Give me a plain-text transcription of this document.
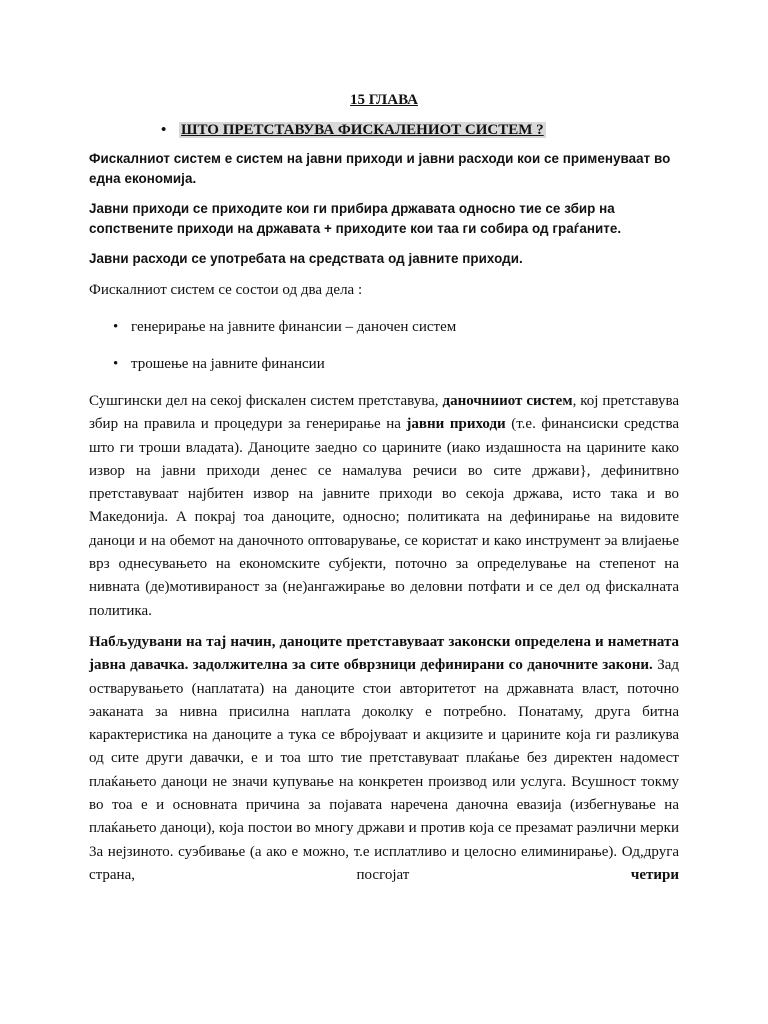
15 ГЛАВА

• ШТО ПРЕТСТАВУВА ФИСКАЛЕНИОТ СИСТЕМ ?

Фискалниот систем е систем на јавни приходи и јавни расходи кои се применуваат во една економија.

Јавни приходи се приходите кои ги прибира државата односно тие се збир на сопствените приходи на државата + приходите кои таа ги собира од граѓаните.

Јавни расходи се употребата на средствата од јавните приходи.

Фискалниот систем се состои од два дела :

• генерирање на јавните финансии – даночен систем
• трошење на јавните финансии

Сушгински дел на секој фискален систем претставува, даночнииот систем, кој претставува збир на правила и процедури за генерирање на јавни приходи (т.е. финансиски средства што ги троши владата). Даноците заедно со царините (иако издашноста на царините како извор на јавни приходи денес се намалува речиси во сите држави}, дефинитвно претставуваат најбитен извор на јавните приходи во секоја држава, исто така и во Македонија. А покрај тоа даноците, односно; политиката на дефинирање на видовите даноци и на обемот на даночното оптоварување, се користат и како инструмент эа влијаење врз однесувањето на економските субјекти, поточно за определување на степенот на нивната (де)мотивираност за (не)ангажирање во деловни потфати и се дел од фискалната политика.

Набљудувани на тај начин, даноците претставуваат законски определена и наметната јавна давачка. задолжителна за сите обврзници дефинирани со даночните закони. Зад остварувањето (наплатата) на даноците стои авторитетот на државната власт, поточно эаканата за нивна присилна наплата доколку е потребно. Понатаму, друга битна карактеристика на даноците а тука се вбројуваат и акцизите и царините која ги разликува од сите други давачки, е и тоа што тие претставуваат плаќање без директен надомест плаќањето даноци не значи купување на конкретен производ или услуга. Всушност токму во тоа е и основната причина за појавата наречена даночна евазија (избегнување на плаќањето даноци), која постои во многу држави и против која се презамат раэлични мерки 3а нејзиното. суэбивање (а ако е можно, т.е исплатливо и целосно елиминирање). Од,друга страна, посгојат четири
